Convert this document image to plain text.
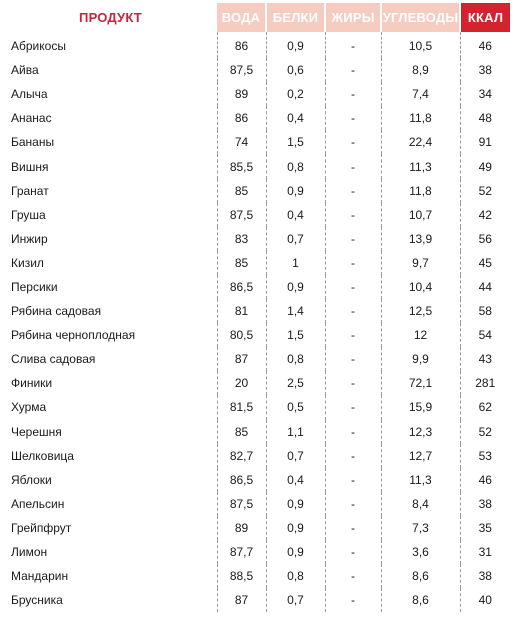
ПРОДУКТ	ВОДА	БЕЛКИ	ЖИРЫ	УГЛЕВОДЫ	ККАЛ
Абрикосы	86	0,9	-	10,5	46
Айва	87,5	0,6	-	8,9	38
Алыча	89	0,2	-	7,4	34
Ананас	86	0,4	-	11,8	48
Бананы	74	1,5	-	22,4	91
Вишня	85,5	0,8	-	11,3	49
Гранат	85	0,9	-	11,8	52
Груша	87,5	0,4	-	10,7	42
Инжир	83	0,7	-	13,9	56
Кизил	85	1	-	9,7	45
Персики	86,5	0,9	-	10,4	44
Рябина садовая	81	1,4	-	12,5	58
Рябина черноплодная	80,5	1,5	-	12	54
Слива садовая	87	0,8	-	9,9	43
Финики	20	2,5	-	72,1	281
Хурма	81,5	0,5	-	15,9	62
Черешня	85	1,1	-	12,3	52
Шелковица	82,7	0,7	-	12,7	53
Яблоки	86,5	0,4	-	11,3	46
Апельсин	87,5	0,9	-	8,4	38
Грейпфрут	89	0,9	-	7,3	35
Лимон	87,7	0,9	-	3,6	31
Мандарин	88,5	0,8	-	8,6	38
Брусника	87	0,7	-	8,6	40
